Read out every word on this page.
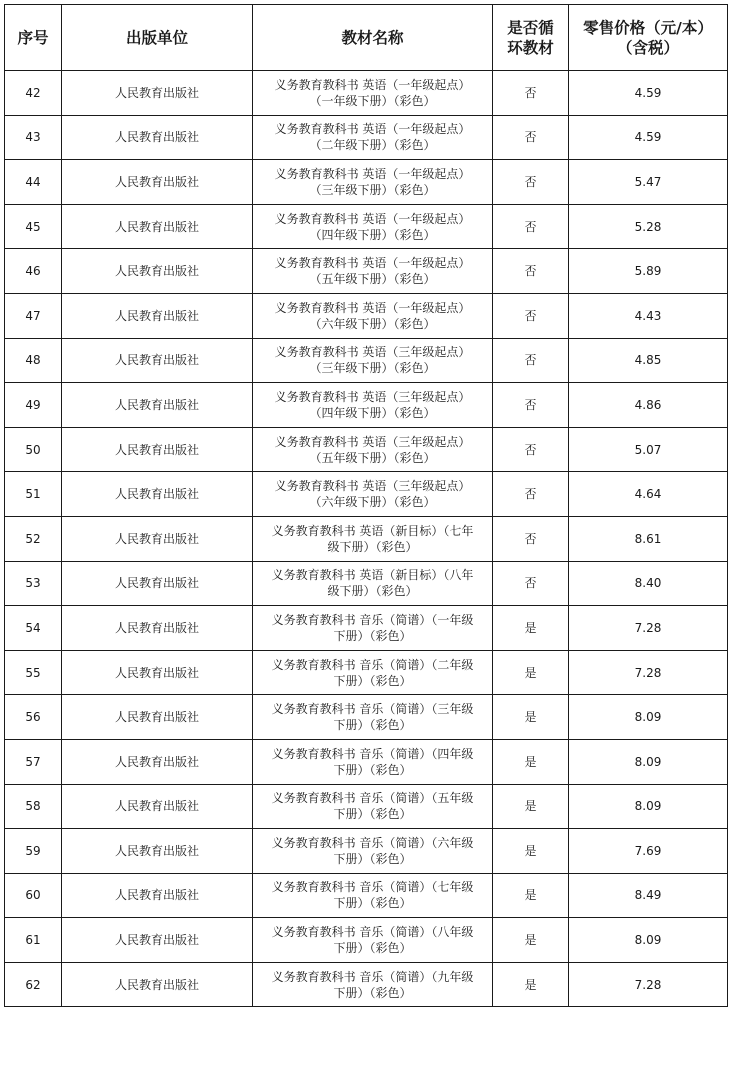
序号	出版单位	教材名称	是否循
环教材	零售价格（元/本）
（含税）

42	人民教育出版社	义务教育教科书 英语（一年级起点）
（一年级下册）（彩色）	否	4.59
43	人民教育出版社	义务教育教科书 英语（一年级起点）
（二年级下册）（彩色）	否	4.59
44	人民教育出版社	义务教育教科书 英语（一年级起点）
（三年级下册）（彩色）	否	5.47
45	人民教育出版社	义务教育教科书 英语（一年级起点）
（四年级下册）（彩色）	否	5.28
46	人民教育出版社	义务教育教科书 英语（一年级起点）
（五年级下册）（彩色）	否	5.89
47	人民教育出版社	义务教育教科书 英语（一年级起点）
（六年级下册）（彩色）	否	4.43
48	人民教育出版社	义务教育教科书 英语（三年级起点）
（三年级下册）（彩色）	否	4.85
49	人民教育出版社	义务教育教科书 英语（三年级起点）
（四年级下册）（彩色）	否	4.86
50	人民教育出版社	义务教育教科书 英语（三年级起点）
（五年级下册）（彩色）	否	5.07
51	人民教育出版社	义务教育教科书 英语（三年级起点）
（六年级下册）（彩色）	否	4.64
52	人民教育出版社	义务教育教科书 英语（新目标）（七年
级下册）（彩色）	否	8.61
53	人民教育出版社	义务教育教科书 英语（新目标）（八年
级下册）（彩色）	否	8.40
54	人民教育出版社	义务教育教科书 音乐（简谱）（一年级
下册）（彩色）	是	7.28
55	人民教育出版社	义务教育教科书 音乐（简谱）（二年级
下册）（彩色）	是	7.28
56	人民教育出版社	义务教育教科书 音乐（简谱）（三年级
下册）（彩色）	是	8.09
57	人民教育出版社	义务教育教科书 音乐（简谱）（四年级
下册）（彩色）	是	8.09
58	人民教育出版社	义务教育教科书 音乐（简谱）（五年级
下册）（彩色）	是	8.09
59	人民教育出版社	义务教育教科书 音乐（简谱）（六年级
下册）（彩色）	是	7.69
60	人民教育出版社	义务教育教科书 音乐（简谱）（七年级
下册）（彩色）	是	8.49
61	人民教育出版社	义务教育教科书 音乐（简谱）（八年级
下册）（彩色）	是	8.09
62	人民教育出版社	义务教育教科书 音乐（简谱）（九年级
下册）（彩色）	是	7.28
